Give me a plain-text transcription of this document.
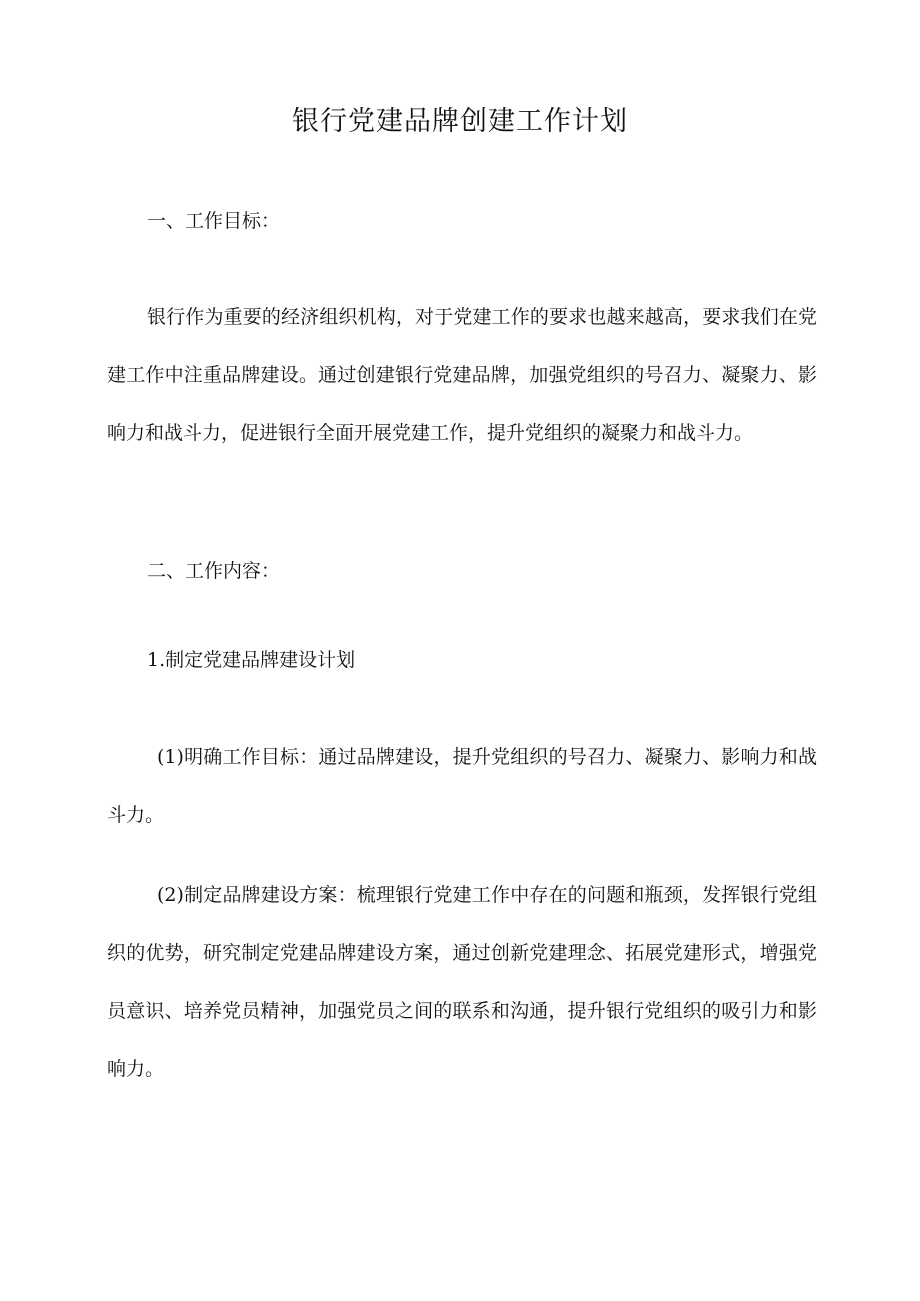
银行党建品牌创建工作计划
一、工作目标：
银行作为重要的经济组织机构，对于党建工作的要求也越来越高，要求我们在党建工作中注重品牌建设。通过创建银行党建品牌，加强党组织的号召力、凝聚力、影响力和战斗力，促进银行全面开展党建工作，提升党组织的凝聚力和战斗力。
二、工作内容：
1.制定党建品牌建设计划
(1)明确工作目标：通过品牌建设，提升党组织的号召力、凝聚力、影响力和战斗力。
(2)制定品牌建设方案：梳理银行党建工作中存在的问题和瓶颈，发挥银行党组织的优势，研究制定党建品牌建设方案，通过创新党建理念、拓展党建形式，增强党员意识、培养党员精神，加强党员之间的联系和沟通，提升银行党组织的吸引力和影响力。
